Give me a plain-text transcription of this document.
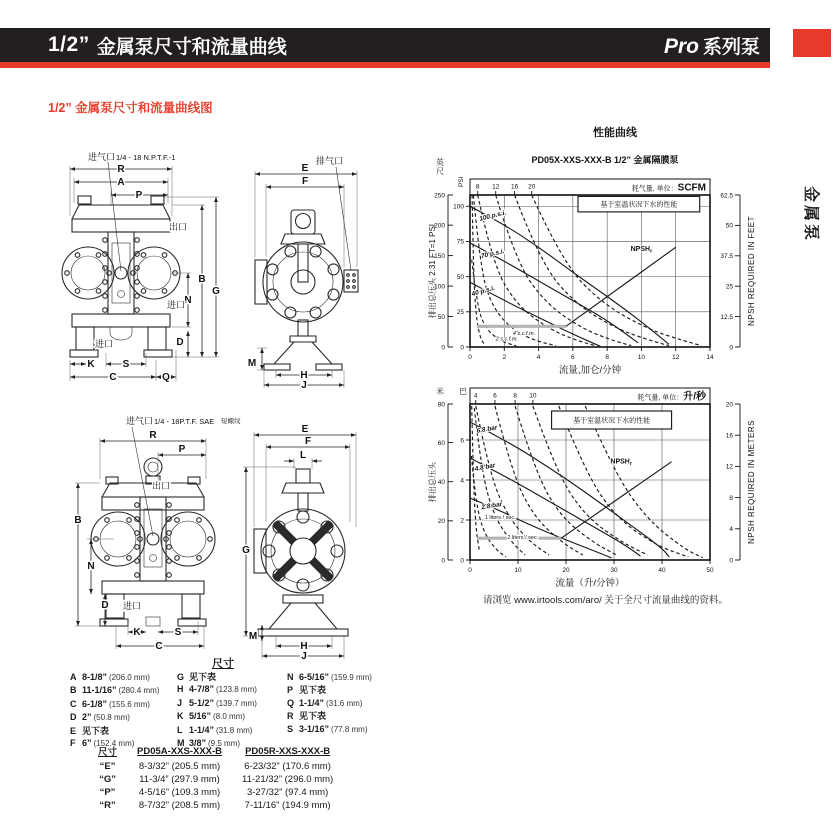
1/2” 金属泵尺寸和流量曲线	Pro 系列泵
金属泵
1/2” 金属泵尺寸和流量曲线图
R
A
P
B
G
N
D
K	S
C	Q
出口
进口
进口
进气口 1/4 - 18 N.P.T.F.-1
E
F
M
H
J
排气口
R
P
B
N
D
K	S
C
出口
进口
进气口 1/4 - 18P.T.F. SAE 短螺纹
E
F
L
G
M
H
J
性能曲线
PD05X-XXS-XXX-B 1/2” 金属隔膜泵
8 12 16 20	耗气量, 单位：SCFM
0
50
100
150
200
250
0
25
50
75
100
英尺
PSI
排出总压头 2.31 FT=1 PSI
0
12.5
25
37.5
50
62.5
NPSH REQUIRED IN FEET
0	2	4	6	8	10	12	14
流量,加仑/分钟
基于室温状况下水的性能
100 p.s.i.
70 p.s.i.
40 p.s.i.
2 s.c.f.m.
4 s.c.f.m.
$NPSH_r$
4 6	8 10	耗气量, 单位：升/秒
0
20
40
60
80
0
2
4
6
米 巴
排出总压头
0
4
8
12
16
20
NPSH REQUIRED IN METERS
0	10	20	30	40	50
流量（升/分钟）
基于室温状况下水的性能
6.8 bar
4.8 bar
2.8 bar
1 liters / sec.
2 liters / sec.
$NPSH_r$
请浏览 www.irtools.com/aro/ 关于全尺寸流量曲线的资料。
尺寸
A 8-1/8” (206.0 mm)
B 11-1/16” (280.4 mm)
C 6-1/8” (155.6 mm)
D 2” (50.8 mm)
E 见下表
F 6” (152.4 mm)
G 见下表
H 4-7/8” (123.8 mm)
J 5-1/2” (139.7 mm)
K 5/16” (8.0 mm)
L 1-1/4” (31.8 mm)
M 3/8” (9.5 mm)
N 6-5/16” (159.9 mm)
P 见下表
Q 1-1/4” (31.6 mm)
R 见下表
S 3-1/16” (77.8 mm)
尺寸	PD05A-XXS-XXX-B	PD05R-XXS-XXX-B
“E”	8-3/32” (205.5 mm)	6-23/32” (170.6 mm)
“G”	11-3/4” (297.9 mm)	11-21/32” (296.0 mm)
“P”	4-5/16” (109.3 mm)	3-27/32” (97.4 mm)
“R”	8-7/32” (208.5 mm)	7-11/16” (194.9 mm)
